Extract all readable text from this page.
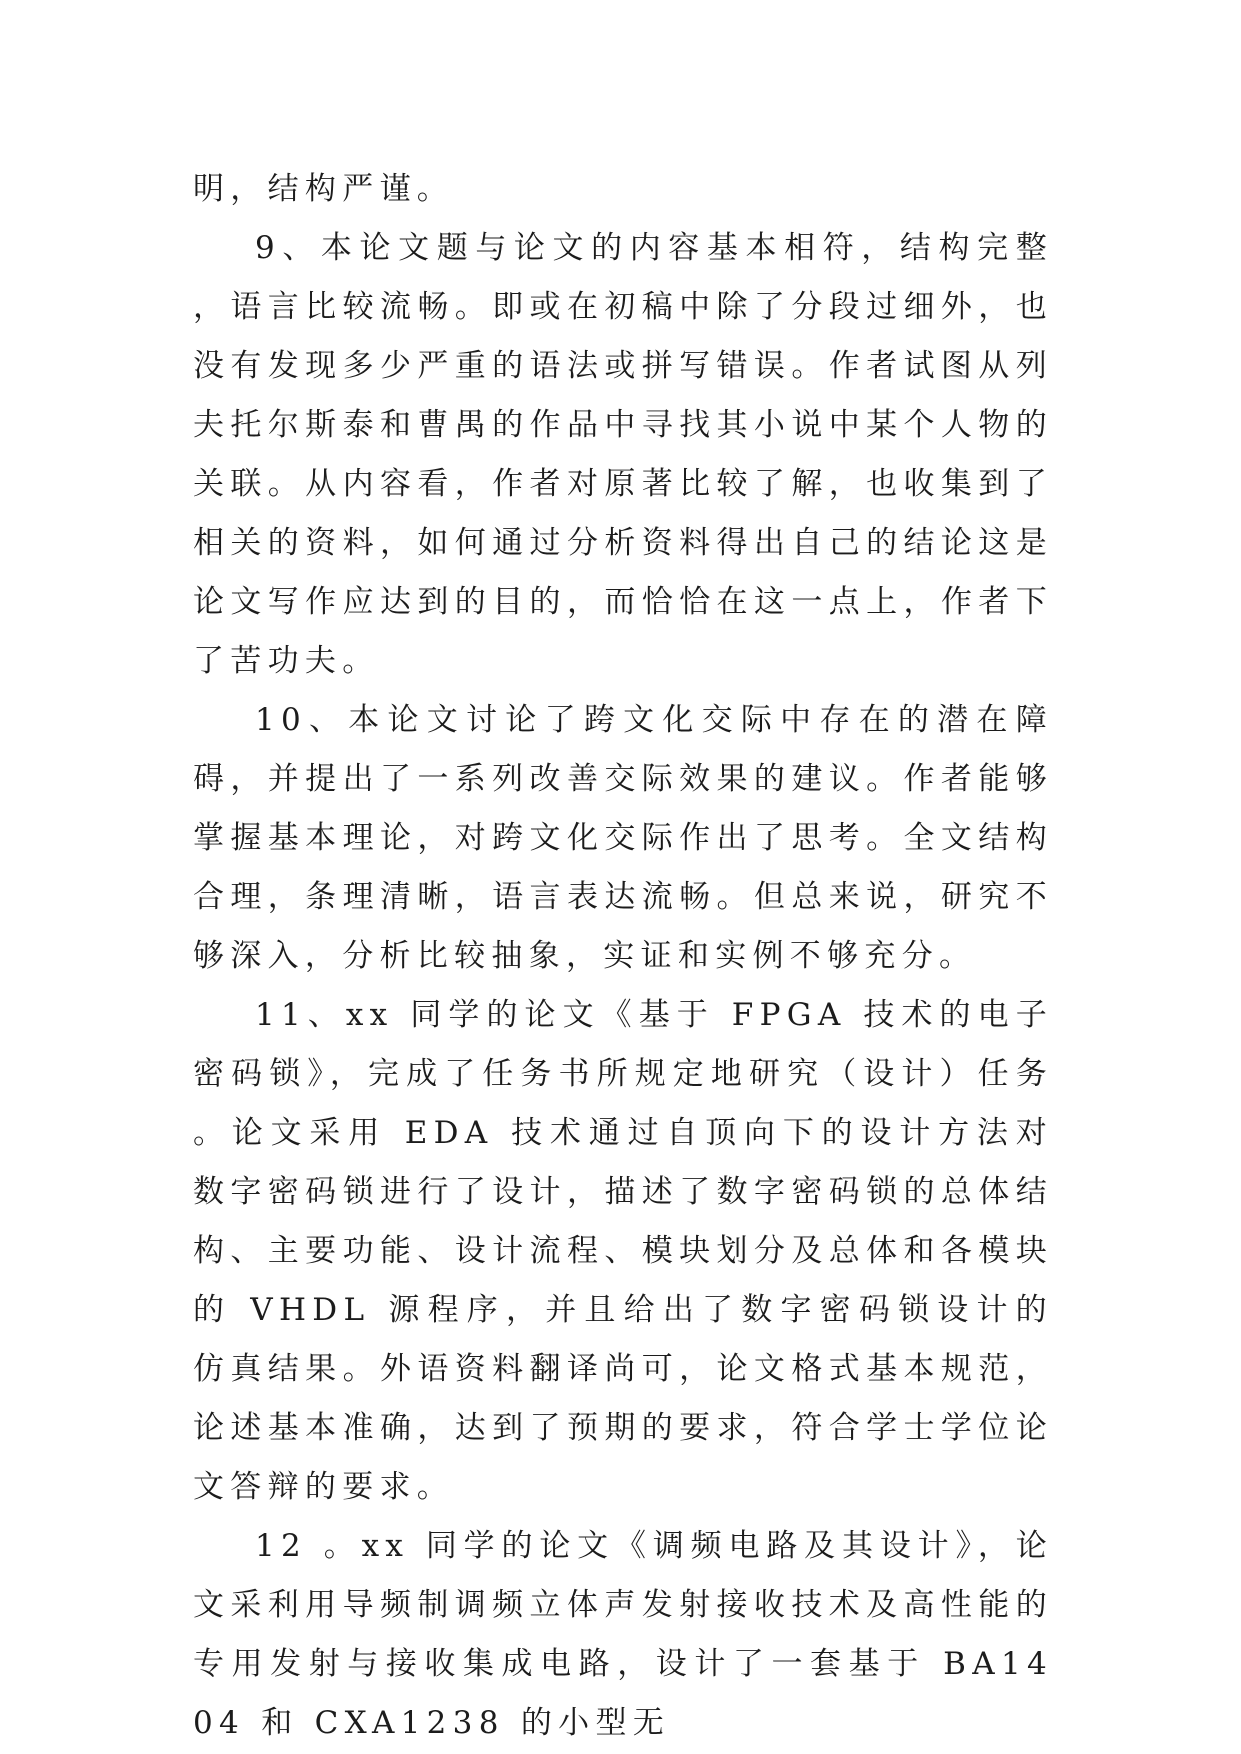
明，结构严谨。

9、本论文题与论文的内容基本相符，结构完整，语言比较流畅。即或在初稿中除了分段过细外，也没有发现多少严重的语法或拼写错误。作者试图从列夫托尔斯泰和曹禺的作品中寻找其小说中某个人物的关联。从内容看，作者对原著比较了解，也收集到了相关的资料，如何通过分析资料得出自己的结论这是论文写作应达到的目的，而恰恰在这一点上，作者下了苦功夫。

10、本论文讨论了跨文化交际中存在的潜在障碍，并提出了一系列改善交际效果的建议。作者能够掌握基本理论，对跨文化交际作出了思考。全文结构合理，条理清晰，语言表达流畅。但总来说，研究不够深入，分析比较抽象，实证和实例不够充分。

11、xx 同学的论文《基于 FPGA 技术的电子密码锁》，完成了任务书所规定地研究（设计）任务。论文采用 EDA 技术通过自顶向下的设计方法对数字密码锁进行了设计，描述了数字密码锁的总体结构、主要功能、设计流程、模块划分及总体和各模块的 VHDL 源程序，并且给出了数字密码锁设计的仿真结果。外语资料翻译尚可，论文格式基本规范，论述基本准确，达到了预期的要求，符合学士学位论文答辩的要求。

12 。xx 同学的论文《调频电路及其设计》，论文采利用导频制调频立体声发射接收技术及高性能的专用发射与接收集成电路，设计了一套基于 BA1404 和 CXA1238 的小型无
